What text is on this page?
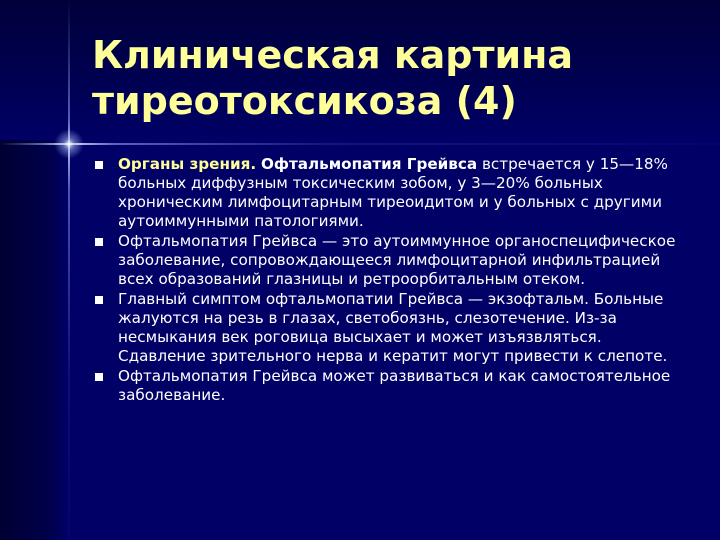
Клиническая картина
тиреотоксикоза (4)
Органы зрения. Офтальмопатия Грейвса встречается у 15—18% больных диффузным токсическим зобом, у 3—20% больных хроническим лимфоцитарным тиреоидитом и у больных с другими аутоиммунными патологиями.
Офтальмопатия Грейвса — это аутоиммунное органоспецифическое заболевание, сопровождающееся лимфоцитарной инфильтрацией всех образований глазницы и ретроорбитальным отеком.
Главный симптом офтальмопатии Грейвса — экзофтальм. Больные жалуются на резь в глазах, светобоязнь, слезотечение. Из-за несмыкания век роговица высыхает и может изъязвляться. Сдавление зрительного нерва и кератит могут привести к слепоте.
Офтальмопатия Грейвса может развиваться и как самостоятельное заболевание.
